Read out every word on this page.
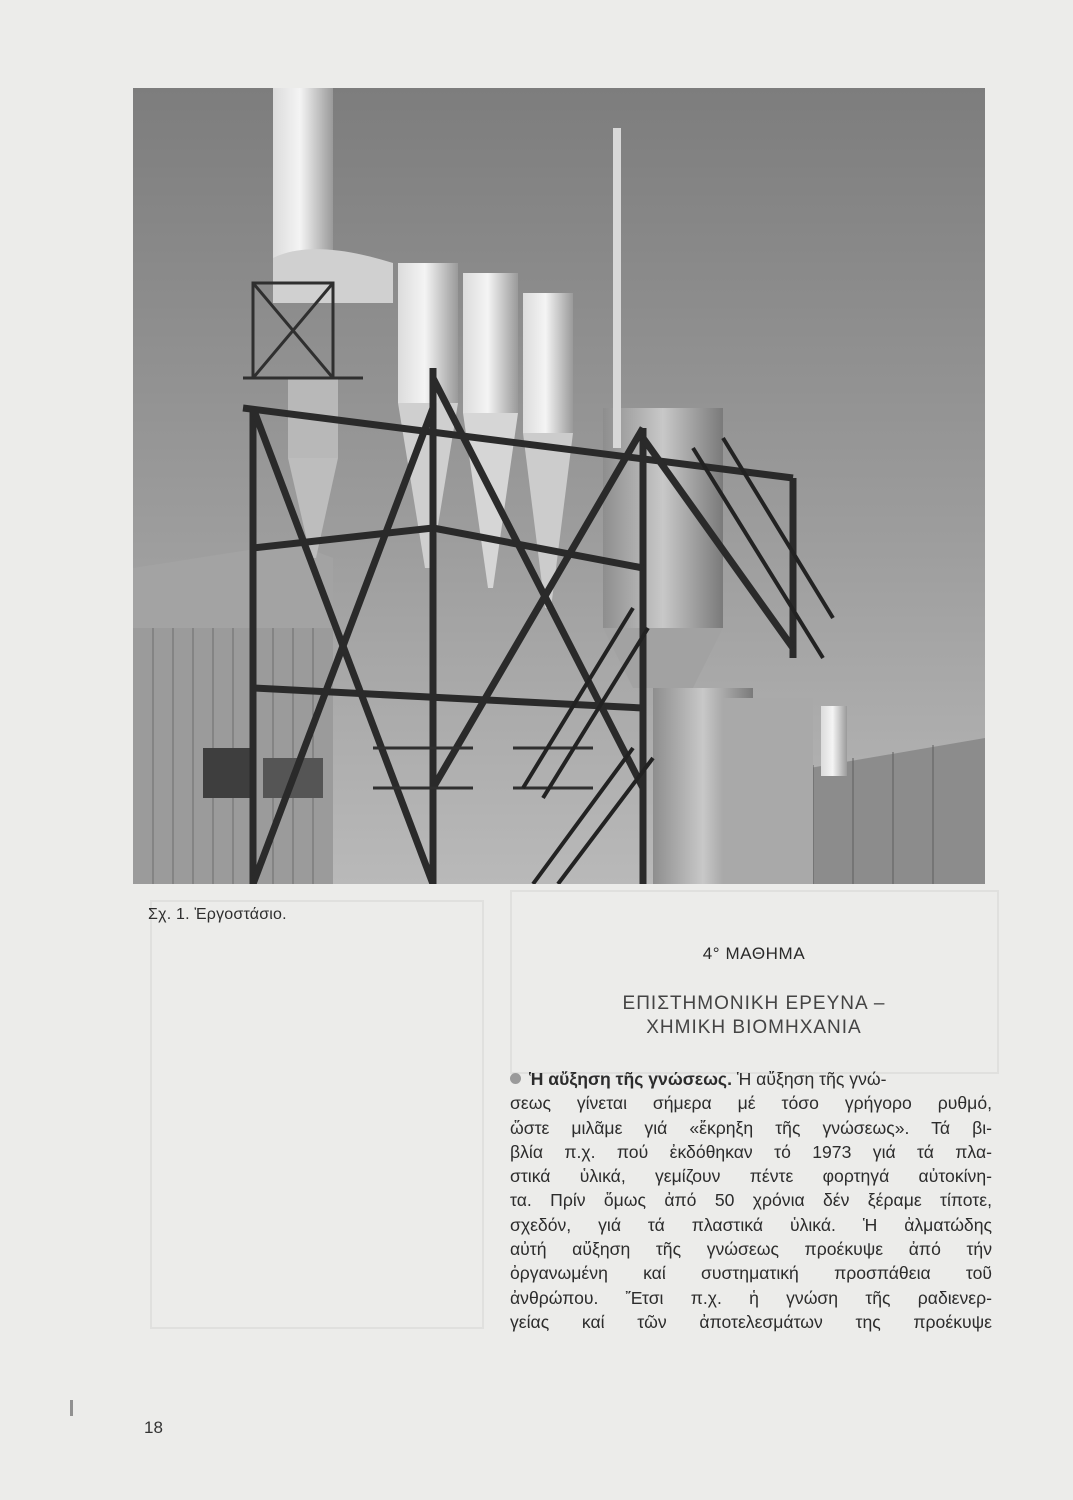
Σχ. 1. Ἐργοστάσιο.

4° ΜΑΘΗΜΑ

ΕΠΙΣΤΗΜΟΝΙΚΗ ΕΡΕΥΝΑ –
ΧΗΜΙΚΗ ΒΙΟΜΗΧΑΝΙΑ
Ἡ αὔξηση τῆς γνώσεως. Ἡ αὔξηση τῆς γνώ-
σεως γίνεται σήμερα μέ τόσο γρήγορο ρυθμό,
ὥστε μιλᾶμε γιά «ἔκρηξη τῆς γνώσεως». Τά βι-
βλία π.χ. πού ἐκδόθηκαν τό 1973 γιά τά πλα-
στικά ὑλικά, γεμίζουν πέντε φορτηγά αὐτοκίνη-
τα. Πρίν ὅμως ἀπό 50 χρόνια δέν ξέραμε τίποτε,
σχεδόν, γιά τά πλαστικά ὑλικά. Ἡ ἀλματώδης
αὐτή αὔξηση τῆς γνώσεως προέκυψε ἀπό τήν
ὀργανωμένη καί συστηματική προσπάθεια τοῦ
ἀνθρώπου. Ἔτσι π.χ. ἡ γνώση τῆς ραδιενερ-
γείας καί τῶν ἀποτελεσμάτων της προέκυψε

18
